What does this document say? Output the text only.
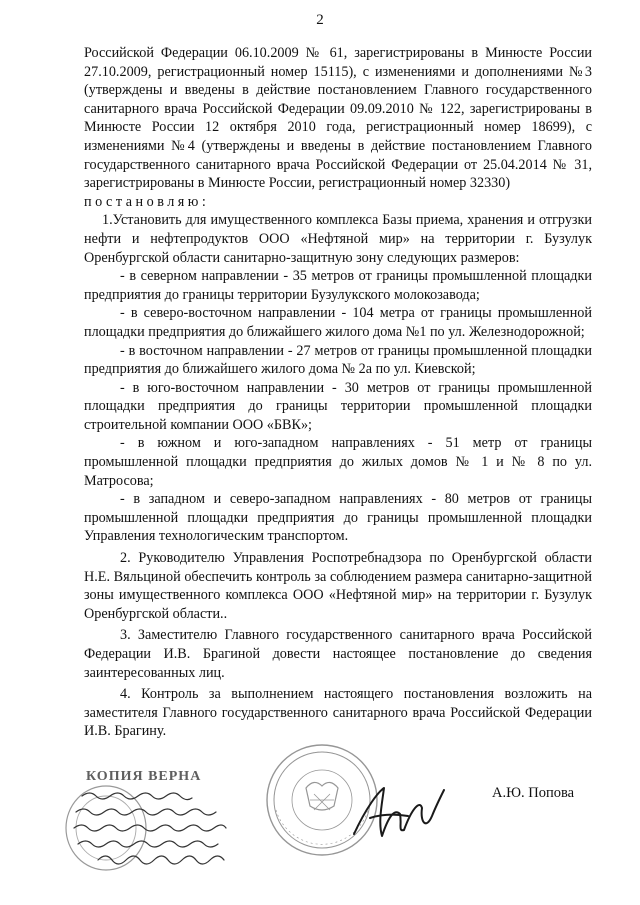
2

Российской Федерации 06.10.2009 № 61, зарегистрированы в Минюсте России 27.10.2009, регистрационный номер 15115), с изменениями и дополнениями №3 (утверждены и введены в действие постановлением Главного государственного санитарного врача Российской Федерации 09.09.2010 № 122, зарегистрированы в Минюсте России 12 октября 2010 года, регистрационный номер 18699), с изменениями №4 (утверждены и введены в действие постановлением Главного государственного санитарного врача Российской Федерации от 25.04.2014 № 31, зарегистрированы в Минюсте России, регистрационный номер 32330)

постановляю:

1.Установить для имущественного комплекса Базы приема, хранения и отгрузки нефти и нефтепродуктов ООО «Нефтяной мир» на территории г. Бузулук Оренбургской области санитарно-защитную зону следующих размеров:

- в северном направлении - 35 метров от границы промышленной площадки предприятия до границы территории Бузулукского молокозавода;

- в северо-восточном направлении - 104 метра от границы промышленной площадки предприятия до ближайшего жилого дома №1 по ул. Железнодорожной;

- в восточном направлении - 27 метров от границы промышленной площадки предприятия до ближайшего жилого дома № 2а по ул. Киевской;

- в юго-восточном направлении - 30 метров от границы промышленной площадки предприятия до границы территории промышленной площадки строительной компании ООО «БВК»;

- в южном и юго-западном направлениях - 51 метр от границы промышленной площадки предприятия до жилых домов № 1 и № 8 по ул. Матросова;

- в западном и северо-западном направлениях - 80 метров от границы промышленной площадки предприятия до границы промышленной площадки Управления технологическим транспортом.

2. Руководителю Управления Роспотребнадзора по Оренбургской области Н.Е. Вяльциной обеспечить контроль за соблюдением размера санитарно-защитной зоны имущественного комплекса ООО «Нефтяной мир» на территории г. Бузулук Оренбургской области..

3. Заместителю Главного государственного санитарного врача Российской Федерации И.В. Брагиной довести настоящее постановление до сведения заинтересованных лиц.

4. Контроль за выполнением настоящего постановления возложить на заместителя Главного государственного санитарного врача Российской Федерации И.В. Брагину.

КОПИЯ ВЕРНА
А.Ю. Попова
